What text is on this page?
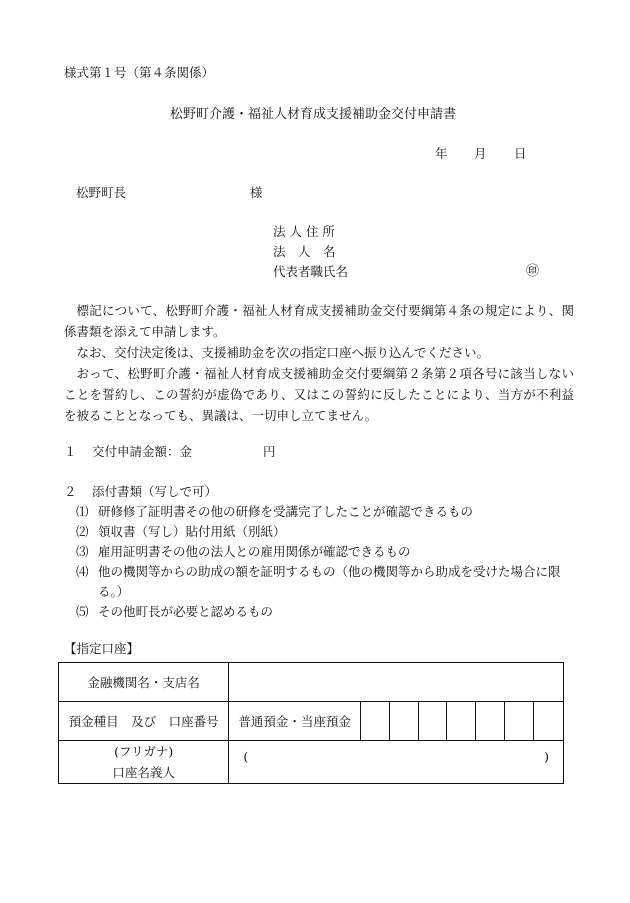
様式第１号（第４条関係）
松野町介護・福祉人材育成支援補助金交付申請書
年 月 日
松野町長	様
法 人 住 所
法　人　名
代表者職氏名	㊞

標記について、松野町介護・福祉人材育成支援補助金交付要綱第４条の規定により、関係書類を添えて申請します。

なお、交付決定後は、支援補助金を次の指定口座へ振り込んでください。

おって、松野町介護・福祉人材育成支援補助金交付要綱第２条第２項各号に該当しないことを誓約し、この誓約が虚偽であり、又はこの誓約に反したことにより、当方が不利益を被ることとなっても、異議は、一切申し立てません。

１ 交付申請金額：金	円
２ 添付書類（写しで可）
⑴ 研修修了証明書その他の研修を受講完了したことが確認できるもの
⑵ 領収書（写し）貼付用紙（別紙）
⑶ 雇用証明書その他の法人との雇用関係が確認できるもの
⑷ 他の機関等からの助成の額を証明するもの（他の機関等から助成を受けた場合に限る。）
⑸ その他町長が必要と認めるもの
【指定口座】
金融機関名・支店名								
預金種目　及び　口座番号	普通預金・当座預金							

(フリガナ)
口座名義人	( )							
